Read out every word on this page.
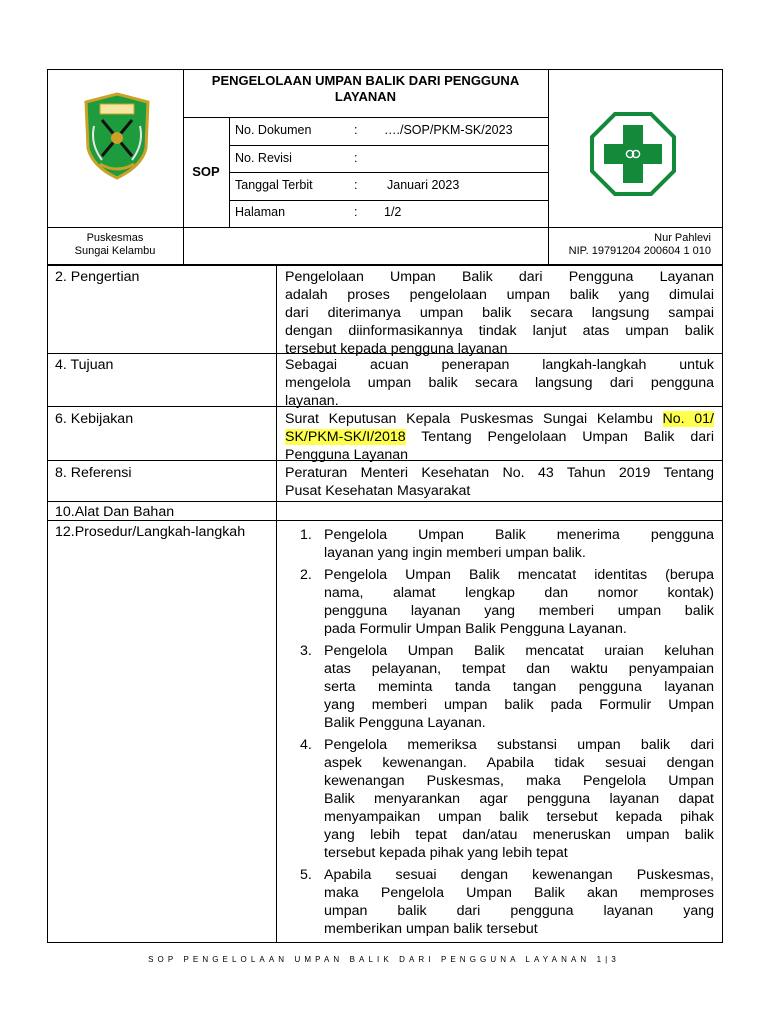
PENGELOLAAN UMPAN BALIK DARI PENGGUNA
LAYANAN
SOP
No. Dokumen	: …./SOP/PKM-SK/2023
No. Revisi	:
Tanggal Terbit	: Januari 2023
Halaman	: 1/2
Puskesmas
Sungai Kelambu
Nur Pahlevi
NIP. 19791204 200604 1 010
2. Pengertian	Pengelolaan Umpan Balik dari Pengguna Layanan
adalah proses pengelolaan umpan balik yang dimulai
dari diterimanya umpan balik secara langsung sampai
dengan diinformasikannya tindak lanjut atas umpan balik
tersebut kepada pengguna layanan
4. Tujuan	Sebagai acuan penerapan langkah-langkah untuk
mengelola umpan balik secara langsung dari pengguna
layanan.
6. Kebijakan	Surat Keputusan Kepala Puskesmas Sungai Kelambu No. 01/
SK/PKM-SK/I/2018 Tentang Pengelolaan Umpan Balik dari
Pengguna Layanan
8. Referensi	Peraturan Menteri Kesehatan No. 43 Tahun 2019 Tentang
Pusat Kesehatan Masyarakat
10.Alat Dan Bahan
12.Prosedur/Langkah-langkah	1. Pengelola Umpan Balik menerima pengguna
layanan yang ingin memberi umpan balik.
2. Pengelola Umpan Balik mencatat identitas (berupa
nama, alamat lengkap dan nomor kontak)
pengguna layanan yang memberi umpan balik
pada Formulir Umpan Balik Pengguna Layanan.
3. Pengelola Umpan Balik mencatat uraian keluhan
atas pelayanan, tempat dan waktu penyampaian
serta meminta tanda tangan pengguna layanan
yang memberi umpan balik pada Formulir Umpan
Balik Pengguna Layanan.
4. Pengelola memeriksa substansi umpan balik dari
aspek kewenangan. Apabila tidak sesuai dengan
kewenangan Puskesmas, maka Pengelola Umpan
Balik menyarankan agar pengguna layanan dapat
menyampaikan umpan balik tersebut kepada pihak
yang lebih tepat dan/atau meneruskan umpan balik
tersebut kepada pihak yang lebih tepat
5. Apabila sesuai dengan kewenangan Puskesmas,
maka Pengelola Umpan Balik akan memproses
umpan balik dari pengguna layanan yang
memberikan umpan balik tersebut
SOP PENGELOLAAN UMPAN BALIK DARI PENGGUNA LAYANAN 1|3
